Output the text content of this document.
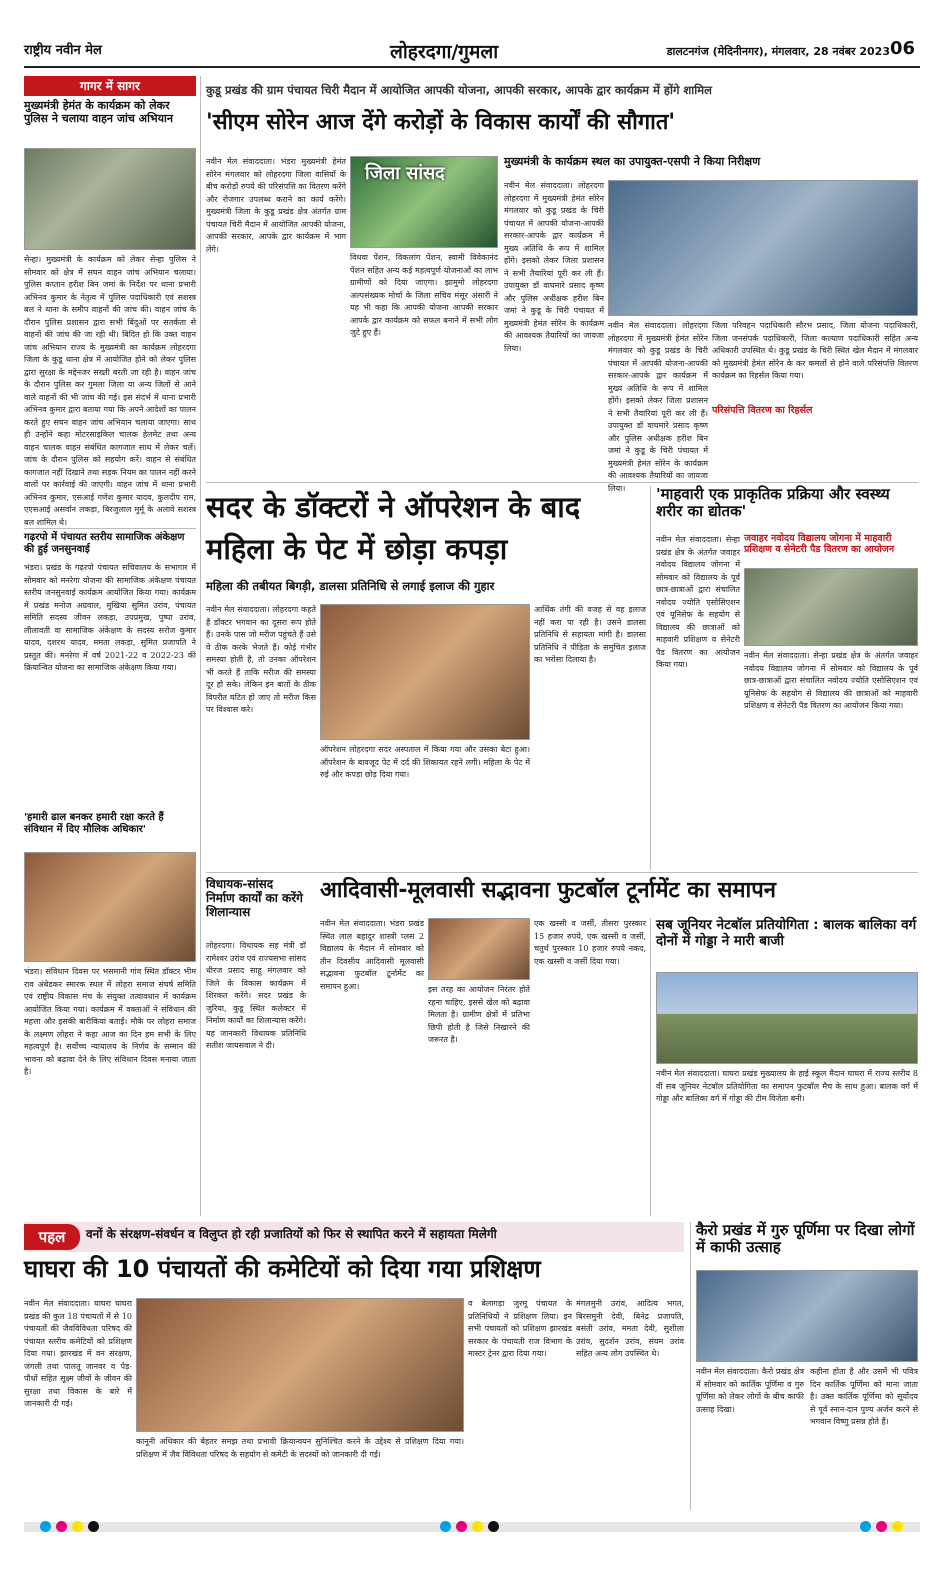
राष्ट्रीय नवीन मेल	लोहरदगा/गुमला	डालटनगंज (मेदिनीनगर), मंगलवार, 28 नवंबर 2023 06
गागर में सागर
मुख्यमंत्री हेमंत के कार्यक्रम को लेकर पुलिस ने चलाया वाहन जांच अभियान
सेन्हा। मुख्यमंत्री के कार्यक्रम को लेकर सेन्हा पुलिस ने सोमवार को क्षेत्र में सघन वाहन जांच अभियान चलाया। पुलिस कप्तान हरीश बिन जमां के निर्देश पर थाना प्रभारी अभिनव कुमार के नेतृत्व में पुलिस पदाधिकारी एवं सशस्त्र बल ने थाना के समीप वाहनों की जांच की। वाहन जांच के दौरान पुलिस प्रशासन द्वारा सभी बिंदुओं पर सतर्कता से वाहनों की जांच की जा रही थी। बिदित हो कि उक्त वाहन जांच अभियान राज्य के मुख्यमंत्री का कार्यक्रम लोहरदगा जिला के कुडू थाना क्षेत्र में आयोजित होने को लेकर पुलिस द्वारा सुरक्षा के मद्देनजर सख्ती बरती जा रही है। वाहन जांच के दौरान पुलिस कर गुमला जिला या अन्य जिलों से आने वाले वाहनों की भी जांच की गई। इस संदर्भ में थाना प्रभारी अभिनव कुमार द्वारा बताया गया कि अपने आदेशों का पालन करते हुए सघन वाहन जांच अभियान चलाया जाएगा। साथ ही उन्होंने कहा मोटरसाइकिल चालक हेलमेट तथा अन्य वाहन चालक वाहन संबंधित कागजात साथ में लेकर चलें। जांच के दौरान पुलिस को सहयोग करें। वाहन से संबंधित कागजात नहीं दिखाने तथा सड़क नियम का पालन नहीं करने वालों पर कार्रवाई की जाएगी। वाहन जांच में थाना प्रभारी अभिनव कुमार, एसआई गणेश कुमार यादव, कुलदीप राम, एएसआई असर्वान लकड़ा, बिरजुलाल मुर्मू के अलावे सशस्त्र बल शामिल थे।
गढ़रपो में पंचायत स्तरीय सामाजिक अंकेक्षण की हुई जनसुनवाई
भंडरा। प्रखंड के गढ़रपो पंचायत सचिवालय के सभागार में सोमवार को मनरेगा योजना की सामाजिक अंकेक्षण पंचायत स्तरीय जनसुनवाई कार्यक्रम आयोजित किया गया। कार्यक्रम में प्रखंड मनोज अग्रवाल, मुखिया सुमित उरांव, पंचायत समिति सदस्य जीवन लकड़ा, उपप्रमुख, पुष्पा उरांव, लीलावती वा सामाजिक अंकेक्षण के सदस्य सरोज कुमार यादव, दशरथ यादव, ममता लकड़ा, सुमित प्रजापति ने प्रस्तुत की। मनरेगा में वर्ष 2021-22 व 2022-23 की क्रियान्वित योजना का सामाजिक अंकेक्षण किया गया।
'हमारी ढाल बनकर हमारी रक्षा करते हैं संविधान में दिए मौलिक अधिकार'
भंडरा। संविधान दिवस पर भसमानी गांव स्थित डॉक्टर भीम राव अंबेडकर स्मारक स्थल में लोहरा समाज संघर्ष समिति एवं राष्ट्रीय विकास मंच के संयुक्त तत्वावधान में कार्यक्रम आयोजित किया गया। कार्यक्रम में वक्ताओं ने संविधान की महत्ता और इसकी बारीकियां बताईं। मौके पर लोहरा समाज के लक्ष्मण लोहरा ने कहा आज का दिन हम सभी के लिए महत्वपूर्ण है। सर्वोच्च न्यायालय के निर्णय के सम्मान की भावना को बढ़ावा देने के लिए संविधान दिवस मनाया जाता है।
कुडू प्रखंड की ग्राम पंचायत चिरी मैदान में आयोजित आपकी योजना, आपकी सरकार, आपके द्वार कार्यक्रम में होंगे शामिल
'सीएम सोरेन आज देंगे करोड़ों के विकास कार्यों की सौगात'
नवीन मेल संवाददाता। भंडरा मुख्यमंत्री हेमंत सोरेन मंगलवार को लोहरदगा जिला वासियों के बीच करोड़ों रुपये की परिसंपत्ति का वितरण करेंगे और रोजगार उपलब्ध कराने का कार्य करेंगे। मुख्यमंत्री जिला के कुडू प्रखंड क्षेत्र अंतर्गत ग्राम पंचायत चिरी मैदान में आयोजित आपकी योजना, आपकी सरकार, आपके द्वार कार्यक्रम में भाग लेंगे।
जिला सांसद
विधवा पेंशन, विकलांग पेंशन, स्वामी विवेकानंद पेंशन सहित अन्य कई महत्वपूर्ण योजनाओं का लाभ ग्रामीणों को दिया जाएगा। झामुमो लोहरदगा अल्पसंख्यक मोर्चा के जिला सचिव मंसूर अंसारी ने यह भी कहा कि आपकी योजना आपकी सरकार आपके द्वार कार्यक्रम को सफल बनाने में सभी लोग जुटे हुए हैं।
मुख्यमंत्री के कार्यक्रम स्थल का उपायुक्त-एसपी ने किया निरीक्षण
नवीन मेल संवाददाता। लोहरदगा लोहरदगा में मुख्यमंत्री हेमंत सोरेन मंगलवार को कुडू प्रखंड के चिरी पंचायत में आपकी योजना-आपकी सरकार-आपके द्वार कार्यक्रम में मुख्य अतिथि के रूप में शामिल होंगे। इसको लेकर जिला प्रशासन ने सभी तैयारियां पूरी कर ली हैं। उपायुक्त डॉ वाघमारे प्रसाद कृष्ण और पुलिस अधीक्षक हरीश बिन जमां ने कुडू के चिरी पंचायत में मुख्यमंत्री हेमंत सोरेन के कार्यक्रम की आवश्यक तैयारियों का जायजा लिया।
नवीन मेल संवाददाता। लोहरदगा लोहरदगा में मुख्यमंत्री हेमंत सोरेन मंगलवार को कुडू प्रखंड के चिरी पंचायत में आपकी योजना-आपकी सरकार-आपके द्वार कार्यक्रम में मुख्य अतिथि के रूप में शामिल होंगे। इसको लेकर जिला प्रशासन ने सभी तैयारियां पूरी कर ली हैं। उपायुक्त डॉ वाघमारे प्रसाद कृष्ण और पुलिस अधीक्षक हरीश बिन जमां ने कुडू के चिरी पंचायत में मुख्यमंत्री हेमंत सोरेन के कार्यक्रम की आवश्यक तैयारियों का जायजा लिया।
परिसंपत्ति वितरण का रिहर्सल
जिला परिवहन पदाधिकारी सौरभ प्रसाद, जिला योजना पदाधिकारी, जिला जनसंपर्क पदाधिकारी, जिला कल्याण पदाधिकारी सहित अन्य अधिकारी उपस्थित थे। कुडू प्रखंड के चिरी स्थित खेल मैदान में मंगलवार को मुख्यमंत्री हेमंत सोरेन के कर कमलों से होने वाले परिसंपत्ति वितरण कार्यक्रम का रिहर्सल किया गया।
सदर के डॉक्टरों ने ऑपरेशन के बाद महिला के पेट में छोड़ा कपड़ा
महिला की तबीयत बिगड़ी, डालसा प्रतिनिधि से लगाई इलाज की गुहार
नवीन मेल संवाददाता। लोहरदगा कहते हैं डॉक्टर भगवान का दूसरा रूप होते हैं। उनके पास जो मरीज पहुंचते हैं उसे वे ठीक करके भेजते हैं। कोई गंभीर समस्या होती है, तो उनका ऑपरेशन भी करते हैं ताकि मरीज की समस्या दूर हो सके। लेकिन इन बातों के ठीक विपरीत घटित हो जाए तो मरीज किस पर विश्वास करे।
ऑपरेशन लोहरदगा सदर अस्पताल में किया गया और उसका बेटा हुआ। ऑपरेशन के बावजूद पेट में दर्द की शिकायत रहने लगी। महिला के पेट में रुई और कपड़ा छोड़ दिया गया।
आर्थिक तंगी की वजह से वह इलाज नहीं करा पा रही है। उसने डालसा प्रतिनिधि से सहायता मांगी है। डालसा प्रतिनिधि ने पीड़िता के समुचित इलाज का भरोसा दिलाया है।
'माहवारी एक प्राकृतिक प्रक्रिया और स्वस्थ्य शरीर का द्योतक'
नवीन मेल संवाददाता। सेन्हा प्रखंड क्षेत्र के अंतर्गत जवाहर नवोदय विद्यालय जोगना में सोमवार को विद्यालय के पूर्व छात्र-छात्राओं द्वारा संचालित नवोदय ज्योति एसोसिएशन एवं यूनिसेफ के सहयोग से विद्यालय की छात्राओं को माहवारी प्रशिक्षण व सेनेटरी पैड वितरण का आयोजन किया गया।
जवाहर नवोदय विद्यालय जोगना में माहवारी प्रशिक्षण व सेनेटरी पैड वितरण का आयोजन
नवीन मेल संवाददाता। सेन्हा प्रखंड क्षेत्र के अंतर्गत जवाहर नवोदय विद्यालय जोगना में सोमवार को विद्यालय के पूर्व छात्र-छात्राओं द्वारा संचालित नवोदय ज्योति एसोसिएशन एवं यूनिसेफ के सहयोग से विद्यालय की छात्राओं को माहवारी प्रशिक्षण व सेनेटरी पैड वितरण का आयोजन किया गया।
विधायक-सांसद निर्माण कार्यों का करेंगे शिलान्यास
लोहरदगा। विधायक सह मंत्री डॉ रामेश्वर उरांव एवं राज्यसभा सांसद धीरज प्रसाद साहू मंगलवार को जिले के विकास कार्यक्रम में शिरकत करेंगे। सदर प्रखंड के जुरिया, कुडू स्थित कलेक्टर में निर्माण कार्यों का शिलान्यास करेंगे। यह जानकारी विधायक प्रतिनिधि सतीश जायसवाल ने दी।
आदिवासी-मूलवासी सद्भावना फुटबॉल टूर्नामेंट का समापन
नवीन मेल संवाददाता। भंडरा प्रखंड स्थित लाल बहादुर शास्त्री प्लस 2 विद्यालय के मैदान में सोमवार को तीन दिवसीय आदिवासी मूलवासी सद्भावना फुटबॉल टूर्नामेंट का समापन हुआ।	इस तरह का आयोजन निरंतर होते रहना चाहिए, इससे खेल को बढ़ावा मिलता है। ग्रामीण क्षेत्रों में प्रतिभा छिपी होती है जिसे निखारने की जरूरत है।
एक खस्सी व जर्सी, तीसरा पुरस्कार 15 हजार रुपये, एक खस्सी व जर्सी, चतुर्थ पुरस्कार 10 हजार रुपये नकद, एक खस्सी व जर्सी दिया गया।
सब जूनियर नेटबॉल प्रतियोगिता : बालक बालिका वर्ग दोनों में गोड्डा ने मारी बाजी
नवीन मेल संवाददाता। घाघरा प्रखंड मुख्यालय के हाई स्कूल मैदान घाघरा में राज्य स्तरीय 8 वीं सब जूनियर नेटबॉल प्रतियोगिता का समापन फुटबॉल मैच के साथ हुआ। बालक वर्ग में गोड्डा और बालिका वर्ग में गोड्डा की टीम विजेता बनी।
पहल	वनों के संरक्षण-संवर्धन व विलुप्त हो रही प्रजातियों को फिर से स्थापित करने में सहायता मिलेगी
घाघरा की 10 पंचायतों की कमेटियों को दिया गया प्रशिक्षण
नवीन मेल संवाददाता। घाघरा घाघरा प्रखंड की कुल 18 पंचायतों में से 10 पंचायतों की जैवविविधता परिषद की पंचायत स्तरीय कमेटियों को प्रशिक्षण दिया गया। झारखंड में वन संरक्षण, जंगली तथा पालतू जानवर व पेड़-पौधों सहित सूक्ष्म जीवों के जीवन की सुरक्षा तथा विकास के बारे में जानकारी दी गई।
कानूनी अधिकार की बेहतर समझ तथा प्रभावी क्रियान्वयन सुनिश्चित करने के उद्देश्य से प्रशिक्षण दिया गया। प्रशिक्षण में जैव विविधता परिषद के सहयोग से कमेटी के सदस्यों को जानकारी दी गई।
व बेलागड़ा जुरमू पंचायत के प्रतिनिधियों ने प्रशिक्षण लिया। इन सभी पंचायतों को प्रशिक्षण झारखंड सरकार के पंचायती राज विभाग के मास्टर ट्रेनर द्वारा दिया गया।
मंगलमुनी उरांव, आदित्य भगत, बिरसमुनी देवी, बिनेद्र प्रजापति, बसंती उरांव, ममता देवी, सुशीला उरांव, सुदर्शन उरांव, संयम उरांव सहित अन्य लोग उपस्थित थे।
कैरो प्रखंड में गुरु पूर्णिमा पर दिखा लोगों में काफी उत्साह
नवीन मेल संवाददाता। कैरो प्रखंड क्षेत्र में सोमवार को कार्तिक पूर्णिमा व गुरु पूर्णिमा को लेकर लोगों के बीच काफी उत्साह दिखा।
कहीना होता है और उसमें भी पवित्र दिन कार्तिक पूर्णिमा को माना जाता है। उक्त कार्तिक पूर्णिमा को सूर्योदय से पूर्व स्नान-दान पुण्य अर्जन करने से भगवान विष्णु प्रसन्न होते हैं।
